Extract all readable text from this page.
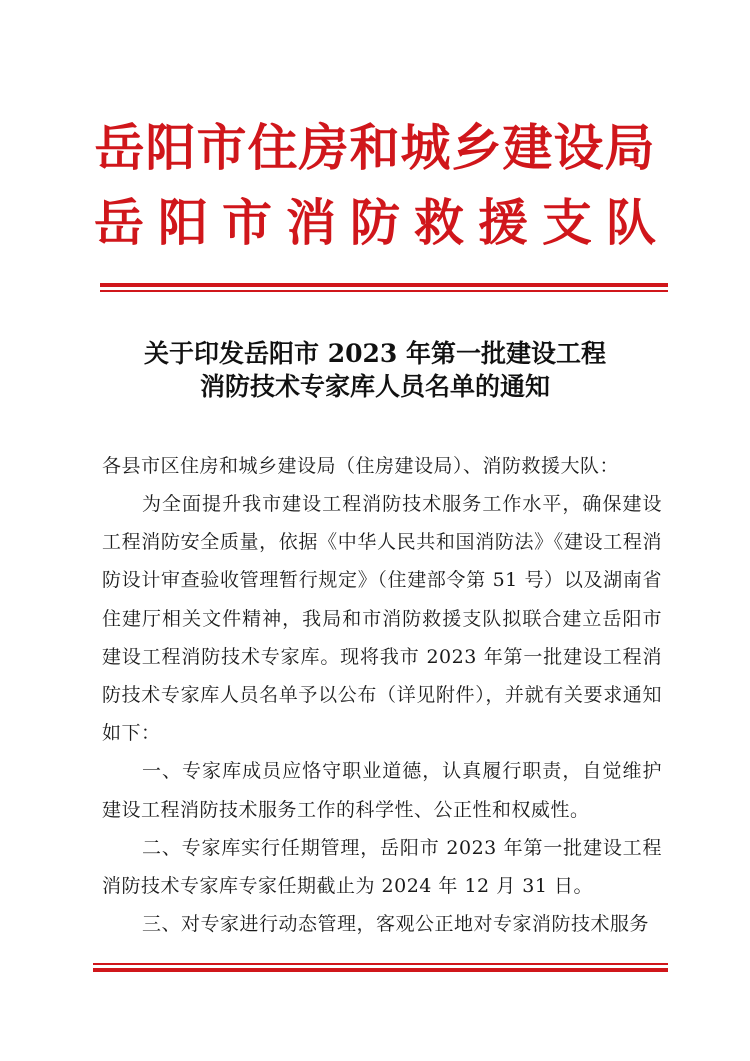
岳阳市住房和城乡建设局
岳阳市消防救援支队
关于印发岳阳市 2023 年第一批建设工程
消防技术专家库人员名单的通知
各县市区住房和城乡建设局（住房建设局）、消防救援大队：

为全面提升我市建设工程消防技术服务工作水平，确保建设工程消防安全质量，依据《中华人民共和国消防法》《建设工程消防设计审查验收管理暂行规定》（住建部令第 51 号）以及湖南省住建厅相关文件精神，我局和市消防救援支队拟联合建立岳阳市建设工程消防技术专家库。现将我市 2023 年第一批建设工程消防技术专家库人员名单予以公布（详见附件），并就有关要求通知如下：

一、专家库成员应恪守职业道德，认真履行职责，自觉维护建设工程消防技术服务工作的科学性、公正性和权威性。

二、专家库实行任期管理，岳阳市 2023 年第一批建设工程消防技术专家库专家任期截止为 2024 年 12 月 31 日。

三、对专家进行动态管理，客观公正地对专家消防技术服务
